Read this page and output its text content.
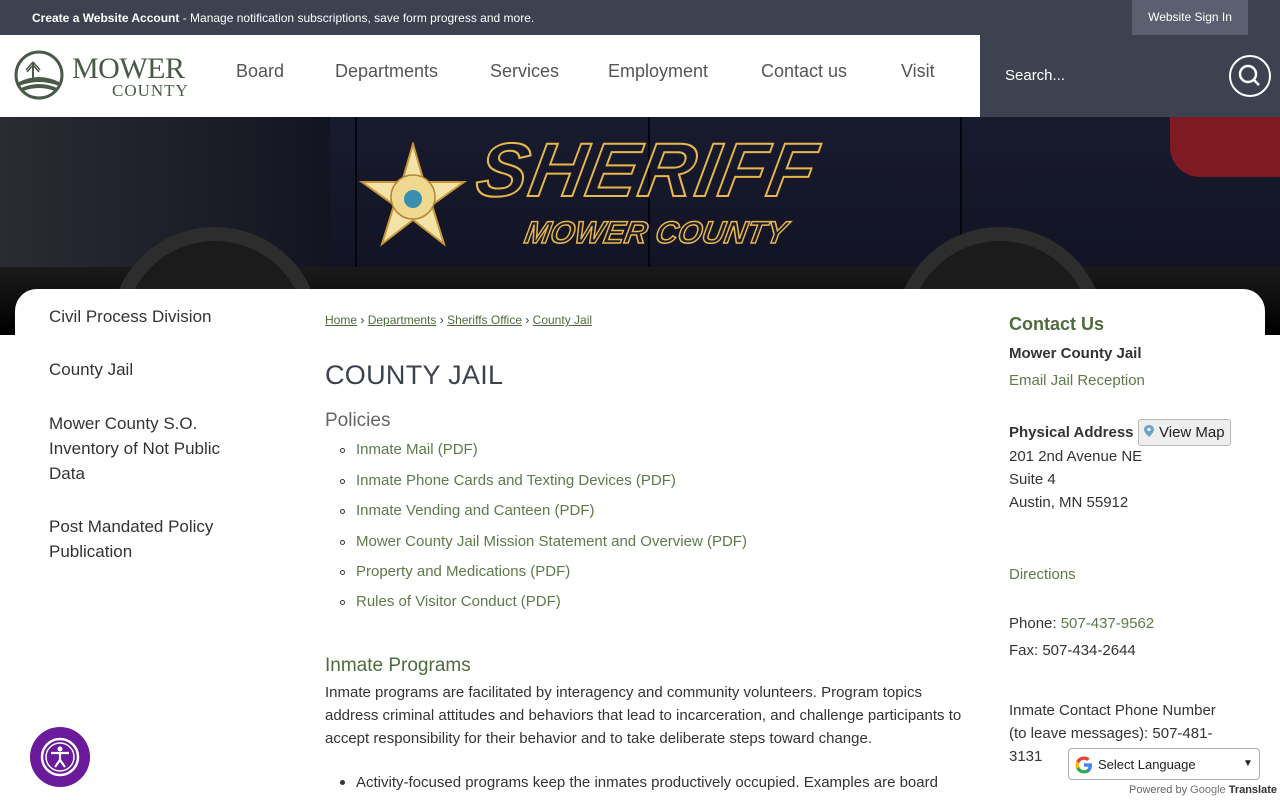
Create a Website Account - Manage notification subscriptions, save form progress and more.	Website Sign In
MOWER
COUNTY
Board	Departments	Services	Employment	Contact us	Visit	Search...
SHERIFF
MOWER COUNTY
Civil Process Division
County Jail
Mower County S.O. Inventory of Not Public Data
Post Mandated Policy Publication
Home › Departments › Sheriffs Office › County Jail
COUNTY JAIL
Policies
Inmate Mail (PDF)
Inmate Phone Cards and Texting Devices (PDF)
Inmate Vending and Canteen (PDF)
Mower County Jail Mission Statement and Overview (PDF)
Property and Medications (PDF)
Rules of Visitor Conduct (PDF)
Inmate Programs
Inmate programs are facilitated by interagency and community volunteers. Program topics address criminal attitudes and behaviors that lead to incarceration, and challenge participants to accept responsibility for their behavior and to take deliberate steps toward change.
Activity-focused programs keep the inmates productively occupied. Examples are board
Contact Us
Mower County Jail
Email Jail Reception
Physical Address	View Map
201 2nd Avenue NE
Suite 4
Austin, MN 55912
Directions
Phone: 507-437-9562
Fax: 507-434-2644
Inmate Contact Phone Number
(to leave messages): 507-481-
3131	Select Language	▼
Powered by Google Translate
